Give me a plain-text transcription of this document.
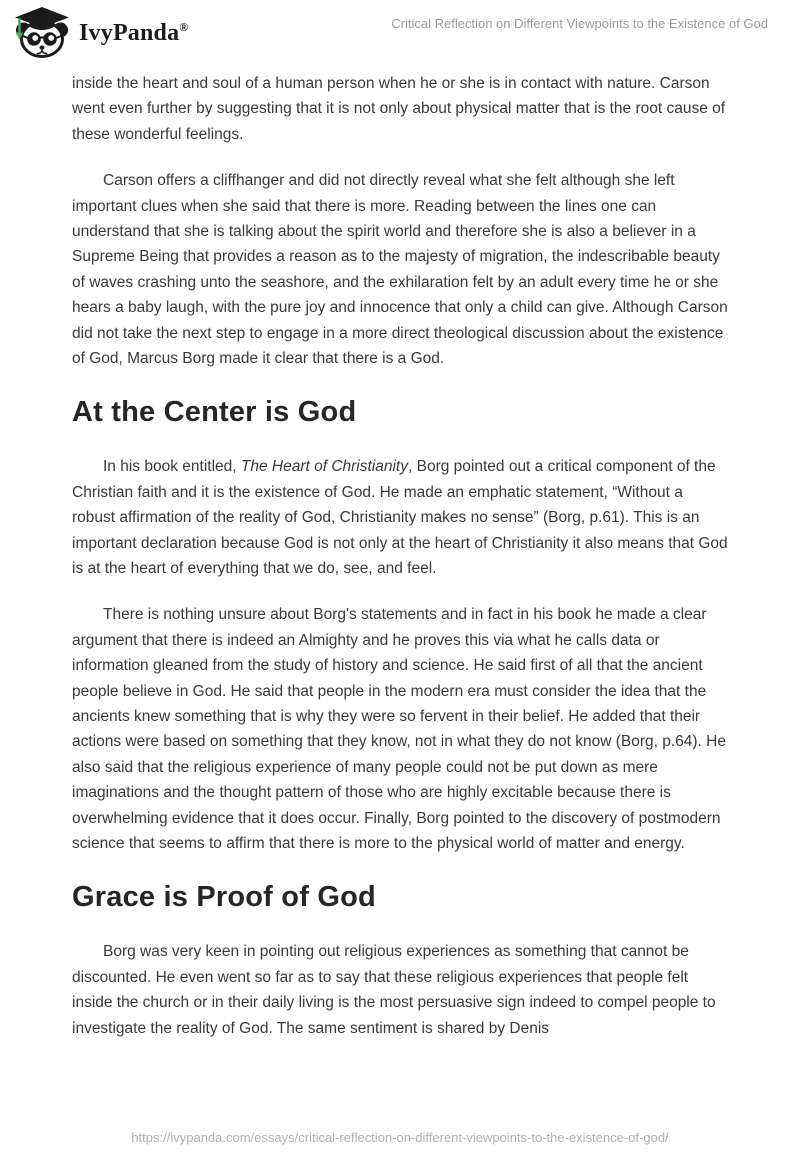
IvyPanda®	Critical Reflection on Different Viewpoints to the Existence of God

inside the heart and soul of a human person when he or she is in contact with nature. Carson went even further by suggesting that it is not only about physical matter that is the root cause of these wonderful feelings.

Carson offers a cliffhanger and did not directly reveal what she felt although she left important clues when she said that there is more. Reading between the lines one can understand that she is talking about the spirit world and therefore she is also a believer in a Supreme Being that provides a reason as to the majesty of migration, the indescribable beauty of waves crashing unto the seashore, and the exhilaration felt by an adult every time he or she hears a baby laugh, with the pure joy and innocence that only a child can give. Although Carson did not take the next step to engage in a more direct theological discussion about the existence of God, Marcus Borg made it clear that there is a God.

At the Center is God

In his book entitled, The Heart of Christianity, Borg pointed out a critical component of the Christian faith and it is the existence of God. He made an emphatic statement, “Without a robust affirmation of the reality of God, Christianity makes no sense” (Borg, p.61). This is an important declaration because God is not only at the heart of Christianity it also means that God is at the heart of everything that we do, see, and feel.

There is nothing unsure about Borg's statements and in fact in his book he made a clear argument that there is indeed an Almighty and he proves this via what he calls data or information gleaned from the study of history and science. He said first of all that the ancient people believe in God. He said that people in the modern era must consider the idea that the ancients knew something that is why they were so fervent in their belief. He added that their actions were based on something that they know, not in what they do not know (Borg, p.64). He also said that the religious experience of many people could not be put down as mere imaginations and the thought pattern of those who are highly excitable because there is overwhelming evidence that it does occur. Finally, Borg pointed to the discovery of postmodern science that seems to affirm that there is more to the physical world of matter and energy.

Grace is Proof of God

Borg was very keen in pointing out religious experiences as something that cannot be discounted. He even went so far as to say that these religious experiences that people felt inside the church or in their daily living is the most persuasive sign indeed to compel people to investigate the reality of God. The same sentiment is shared by Denis

https://ivypanda.com/essays/critical-reflection-on-different-viewpoints-to-the-existence-of-god/
